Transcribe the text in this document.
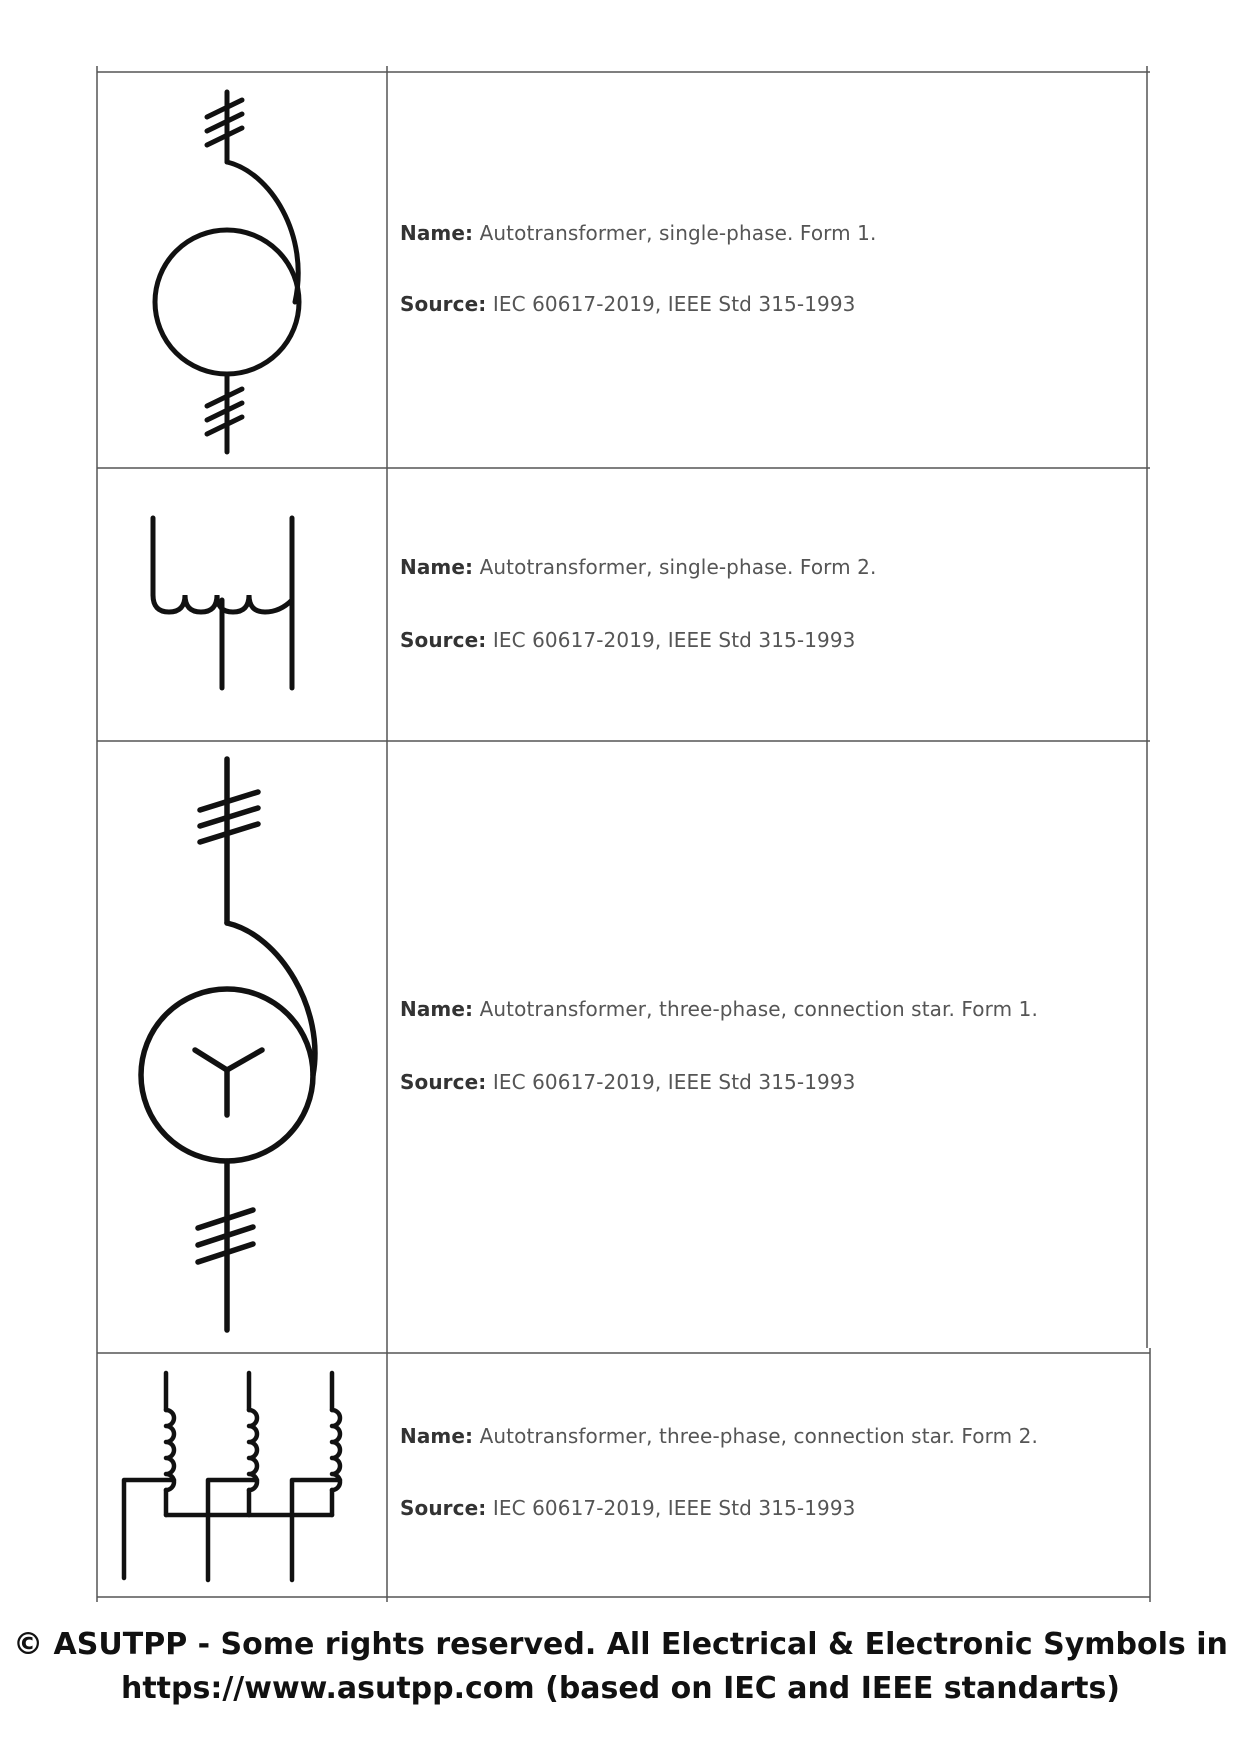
Name: Autotransformer, single-phase. Form 1.
Source: IEC 60617-2019, IEEE Std 315-1993
Name: Autotransformer, single-phase. Form 2.
Source: IEC 60617-2019, IEEE Std 315-1993
Name: Autotransformer, three-phase, connection star. Form 1.
Source: IEC 60617-2019, IEEE Std 315-1993
Name: Autotransformer, three-phase, connection star. Form 2.
Source: IEC 60617-2019, IEEE Std 315-1993
© ASUTPP - Some rights reserved. All Electrical & Electronic Symbols in
https://www.asutpp.com (based on IEC and IEEE standarts)
